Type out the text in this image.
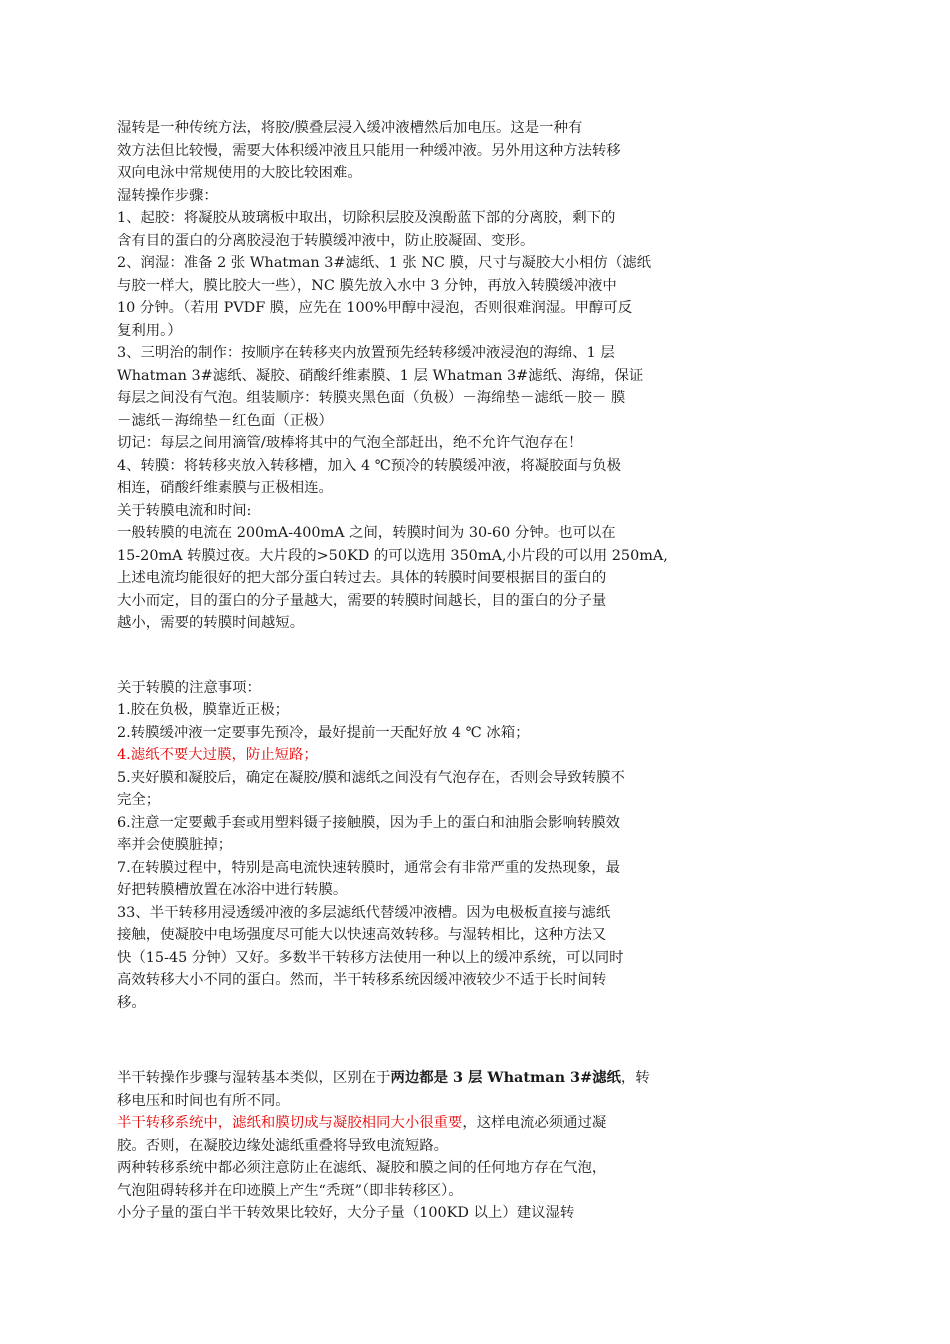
湿转是一种传统方法，将胶/膜叠层浸入缓冲液槽然后加电压。这是一种有
效方法但比较慢，需要大体积缓冲液且只能用一种缓冲液。另外用这种方法转移
双向电泳中常规使用的大胶比较困难。
湿转操作步骤：
1、起胶：将凝胶从玻璃板中取出，切除积层胶及溴酚蓝下部的分离胶，剩下的
含有目的蛋白的分离胶浸泡于转膜缓冲液中，防止胶凝固、变形。
2、润湿：准备 2 张 Whatman 3#滤纸、1 张 NC 膜，尺寸与凝胶大小相仿（滤纸
与胶一样大，膜比胶大一些），NC 膜先放入水中 3 分钟，再放入转膜缓冲液中
10 分钟。（若用 PVDF 膜，应先在 100%甲醇中浸泡，否则很难润湿。甲醇可反
复利用。）
3、三明治的制作：按顺序在转移夹内放置预先经转移缓冲液浸泡的海绵、1 层
Whatman 3#滤纸、凝胶、硝酸纤维素膜、1 层 Whatman 3#滤纸、海绵，保证
每层之间没有气泡。组装顺序：转膜夹黑色面（负极）－海绵垫－滤纸－胶－ 膜
－滤纸－海绵垫－红色面（正极）
切记：每层之间用滴管/玻棒将其中的气泡全部赶出，绝不允许气泡存在！
4、转膜：将转移夹放入转移槽，加入 4 ℃预冷的转膜缓冲液，将凝胶面与负极
相连，硝酸纤维素膜与正极相连。
关于转膜电流和时间:
一般转膜的电流在 200mA-400mA 之间，转膜时间为 30-60 分钟。也可以在
15-20mA 转膜过夜。大片段的>50KD 的可以选用 350mA,小片段的可以用 250mA,
上述电流均能很好的把大部分蛋白转过去。具体的转膜时间要根据目的蛋白的
大小而定，目的蛋白的分子量越大，需要的转膜时间越长，目的蛋白的分子量
越小，需要的转膜时间越短。
关于转膜的注意事项：
1.胶在负极，膜靠近正极；
2.转膜缓冲液一定要事先预冷，最好提前一天配好放 4 ℃ 冰箱；
4.滤纸不要大过膜，防止短路；
5.夹好膜和凝胶后，确定在凝胶/膜和滤纸之间没有气泡存在，否则会导致转膜不
完全；
6.注意一定要戴手套或用塑料镊子接触膜，因为手上的蛋白和油脂会影响转膜效
率并会使膜脏掉；
7.在转膜过程中，特别是高电流快速转膜时，通常会有非常严重的发热现象，最
好把转膜槽放置在冰浴中进行转膜。
33、半干转移用浸透缓冲液的多层滤纸代替缓冲液槽。因为电极板直接与滤纸
接触，使凝胶中电场强度尽可能大以快速高效转移。与湿转相比，这种方法又
快（15-45 分钟）又好。多数半干转移方法使用一种以上的缓冲系统，可以同时
高效转移大小不同的蛋白。然而，半干转移系统因缓冲液较少不适于长时间转
移。
半干转操作步骤与湿转基本类似，区别在于两边都是 3 层 Whatman 3#滤纸，转
移电压和时间也有所不同。
半干转移系统中，滤纸和膜切成与凝胶相同大小很重要，这样电流必须通过凝
胶。否则，在凝胶边缘处滤纸重叠将导致电流短路。
两种转移系统中都必须注意防止在滤纸、凝胶和膜之间的任何地方存在气泡，
气泡阻碍转移并在印迹膜上产生“秃斑”（即非转移区）。
小分子量的蛋白半干转效果比较好，大分子量（100KD 以上）建议湿转
